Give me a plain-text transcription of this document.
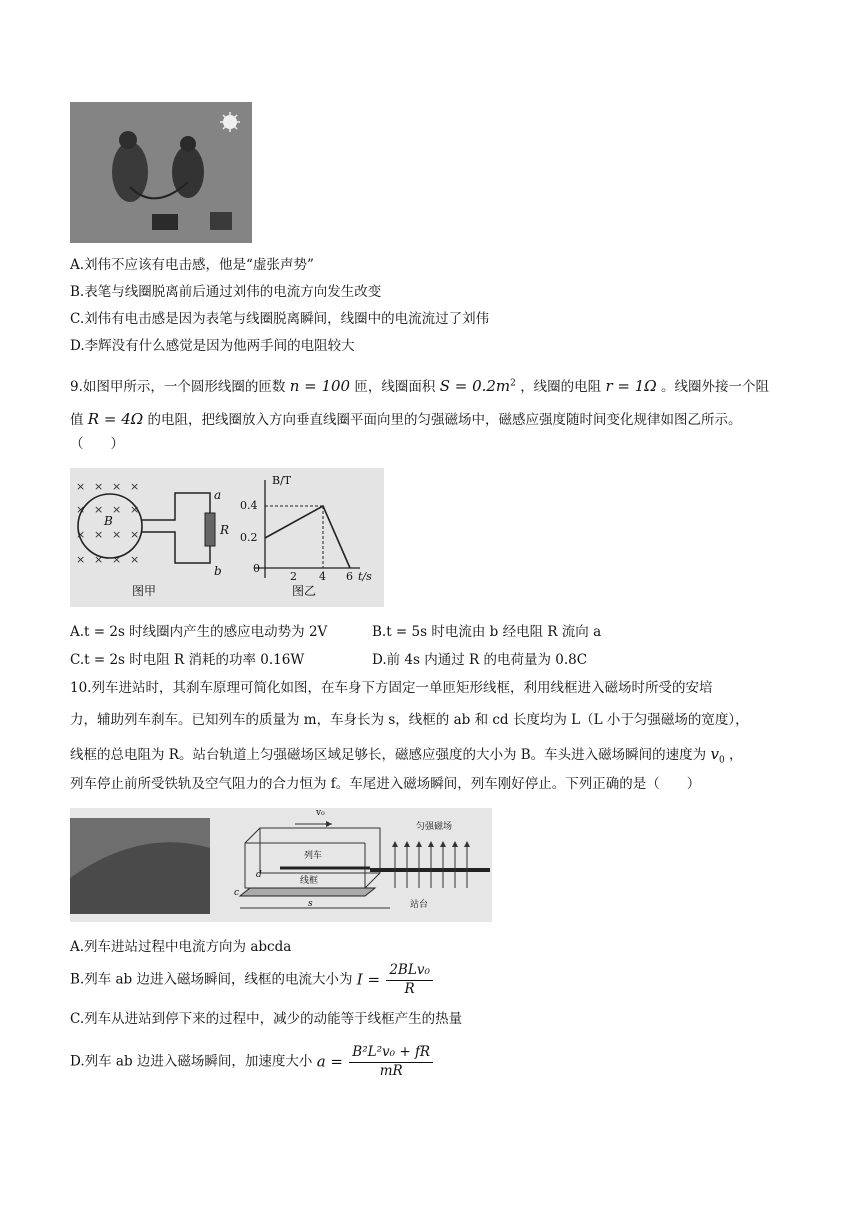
A.刘伟不应该有电击感，他是“虚张声势”
B.表笔与线圈脱离前后通过刘伟的电流方向发生改变
C.刘伟有电击感是因为表笔与线圈脱离瞬间，线圈中的电流流过了刘伟
D.李辉没有什么感觉是因为他两手间的电阻较大
9.如图甲所示，一个圆形线圈的匝数 n = 100 匝，线圈面积 $S = 0.2m^2$ ，线圈的电阻 r = 1Ω 。线圈外接一个阻
值 R = 4Ω 的电阻，把线圈放入方向垂直线圈平面向里的匀强磁场中，磁感应强度随时间变化规律如图乙所示。
（　　）
× × × ×
× × × ×
× × × ×
× × × ×
B
R
a
b
图甲
B/T
t/s
0.4
0.2
0
2 4 6
图乙
A.t = 2s 时线圈内产生的感应电动势为 2V	B.t = 5s 时电流由 b 经电阻 R 流向 a
C.t = 2s 时电阻 R 消耗的功率 0.16W	D.前 4s 内通过 R 的电荷量为 0.8C
10.列车进站时，其刹车原理可简化如图，在车身下方固定一单匝矩形线框，利用线框进入磁场时所受的安培
力，辅助列车刹车。已知列车的质量为 m，车身长为 s，线框的 ab 和 cd 长度均为 L（L 小于匀强磁场的宽度），
线框的总电阻为 R。站台轨道上匀强磁场区域足够长，磁感应强度的大小为 B。车头进入磁场瞬间的速度为 $v_0$ ，
列车停止前所受铁轨及空气阻力的合力恒为 f。车尾进入磁场瞬间，列车刚好停止。下列正确的是（　　）
v₀
匀强磁场
列车
线框
站台
d
c
s
A.列车进站过程中电流方向为 abcda
B.列车 ab 边进入磁场瞬间，线框的电流大小为 $I = \frac{\text{2BLv₀}}{R}$
C.列车从进站到停下来的过程中，减少的动能等于线框产生的热量
D.列车 ab 边进入磁场瞬间，加速度大小 $a = \frac{\text{B²L²v₀ + fR}}{mR}$
